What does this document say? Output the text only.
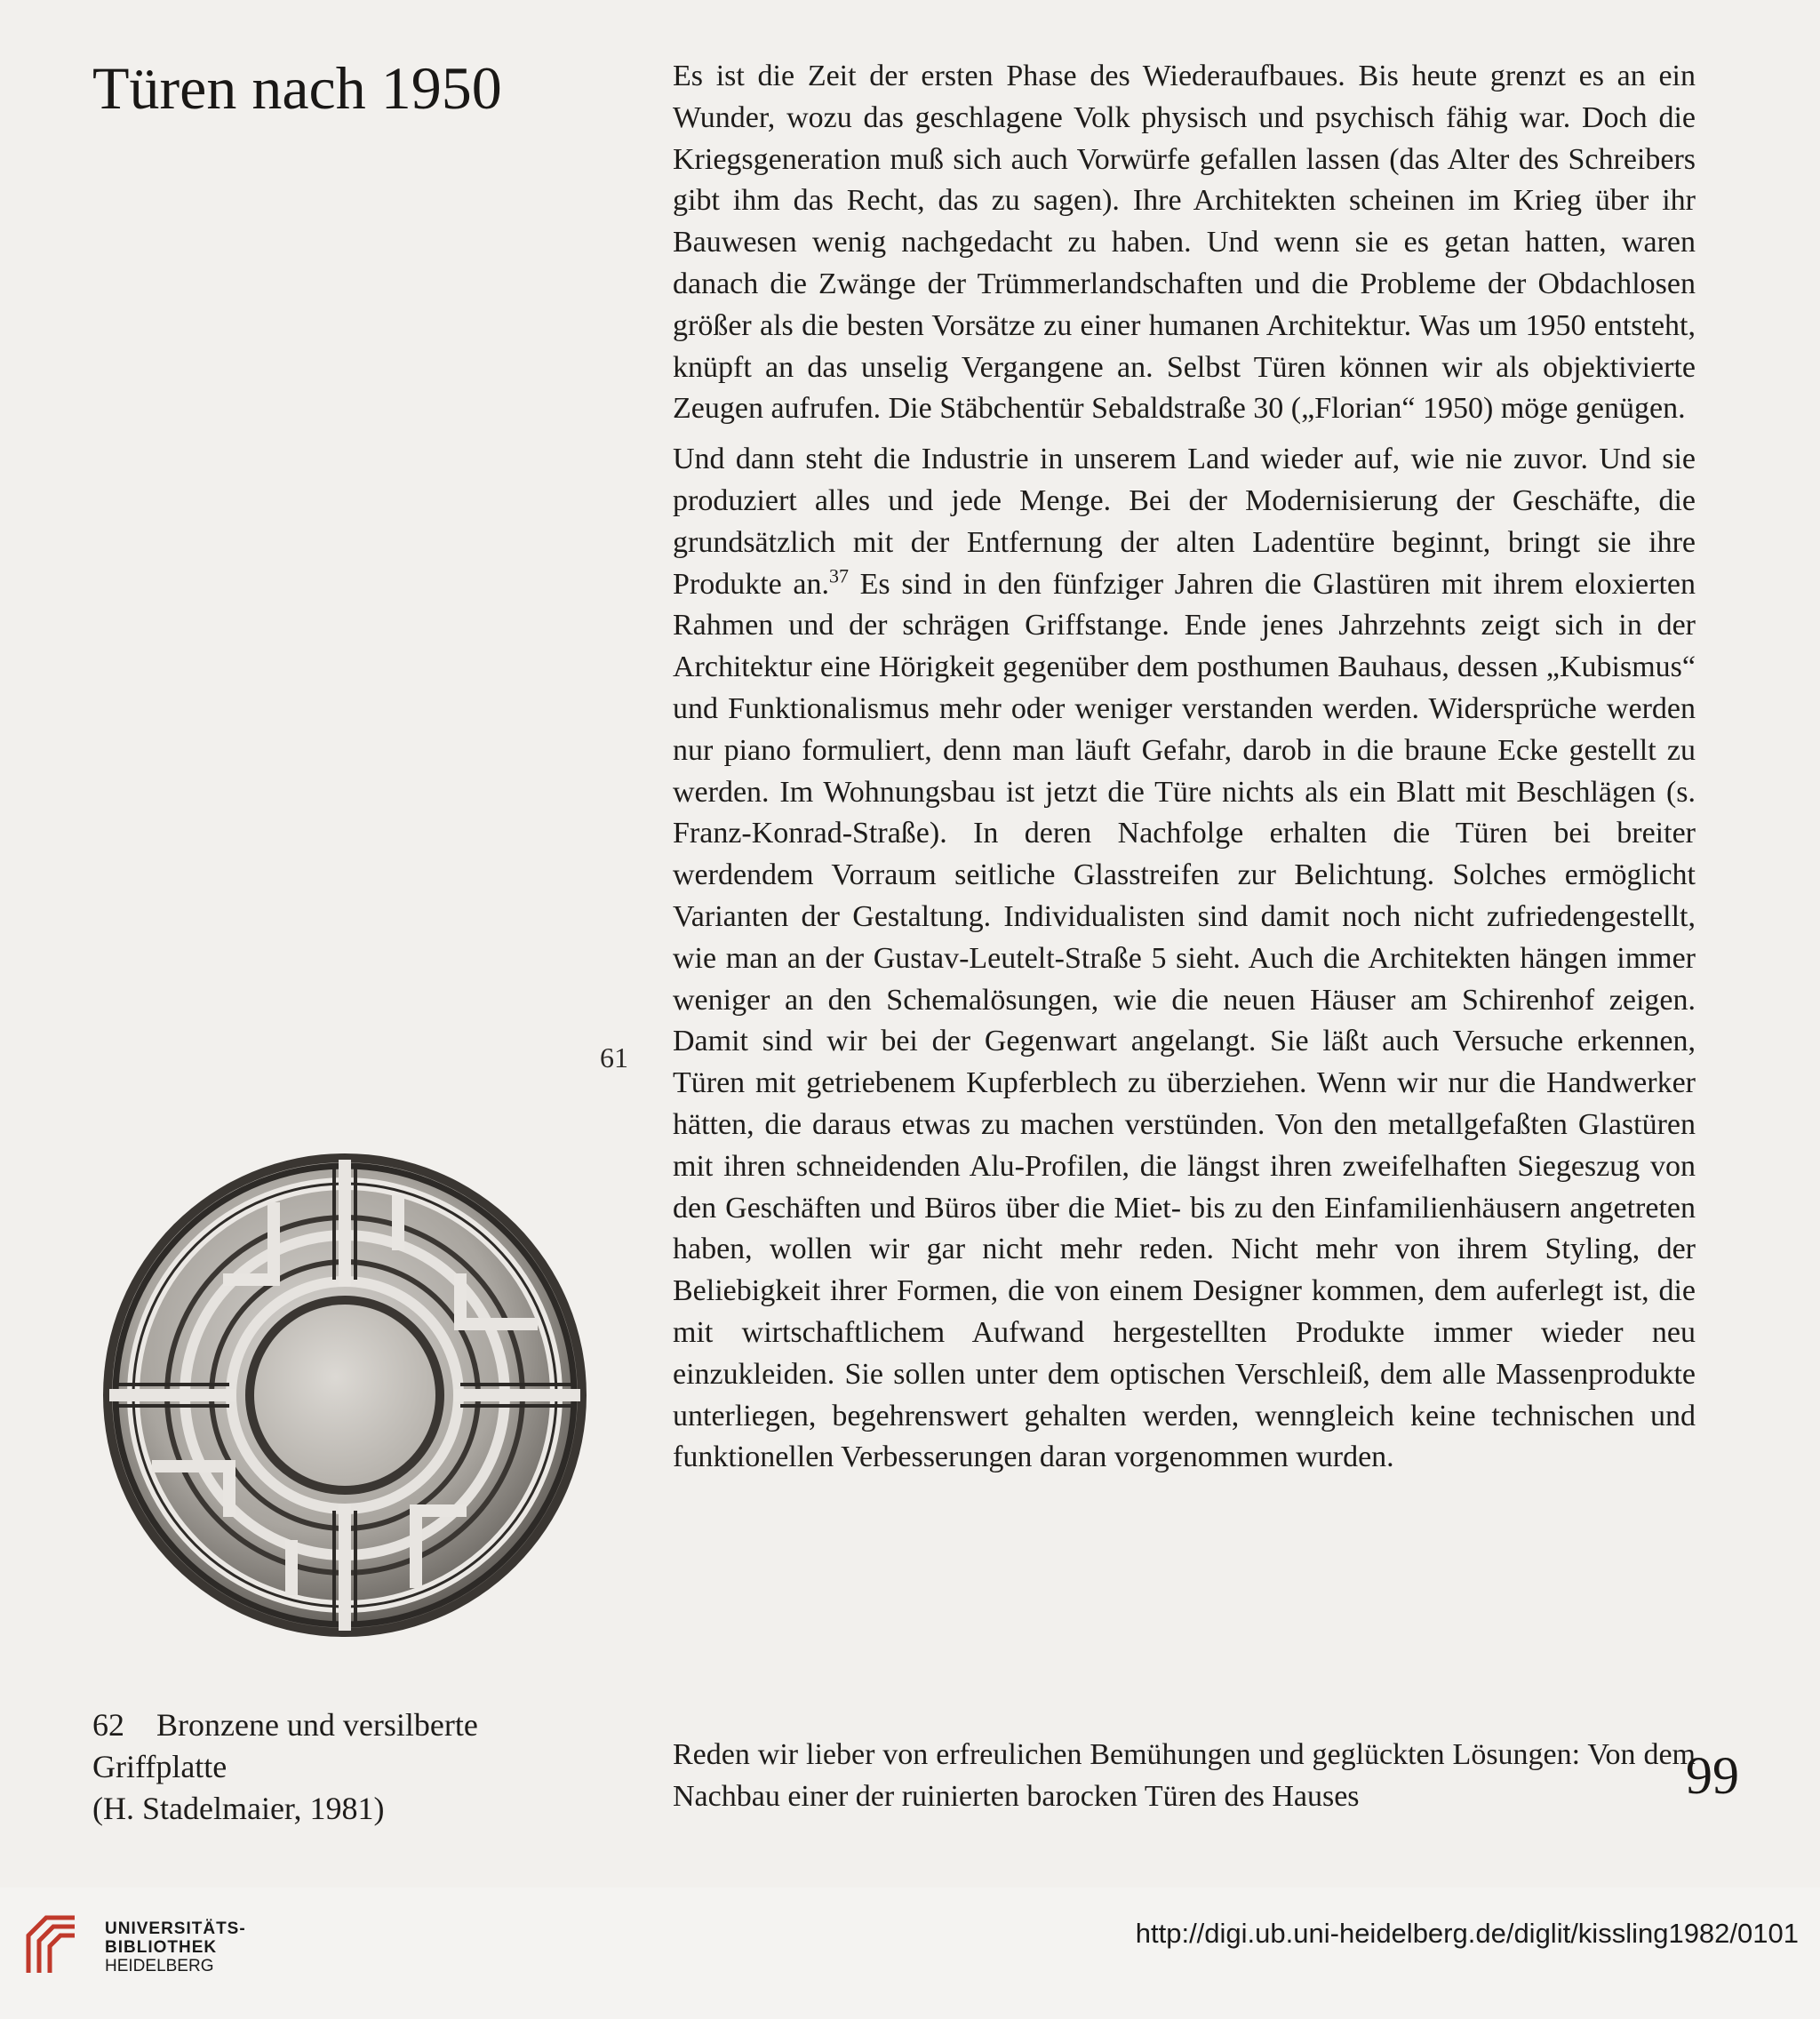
Türen nach 1950	Es ist die Zeit der ersten Phase des Wiederaufbaues. Bis heute grenzt es an ein Wunder, wozu das geschlagene Volk physisch und psychisch fähig war. Doch die Kriegsgeneration muß sich auch Vorwürfe gefallen lassen (das Alter des Schreibers gibt ihm das Recht, das zu sagen). Ihre Architekten scheinen im Krieg über ihr Bauwesen wenig nachgedacht zu haben. Und wenn sie es getan hatten, waren danach die Zwänge der Trümmerlandschaften und die Probleme der Obdachlosen größer als die besten Vorsätze zu einer humanen Architektur. Was um 1950 entsteht, knüpft an das unselig Vergangene an. Selbst Türen können wir als objektivierte Zeugen aufrufen. Die Stäbchentür Sebaldstraße 30 („Florian“ 1950) möge genügen.

Und dann steht die Industrie in unserem Land wieder auf, wie nie zuvor. Und sie produziert alles und jede Menge. Bei der Modernisierung der Geschäfte, die grundsätzlich mit der Entfernung der alten Ladentüre beginnt, bringt sie ihre Produkte an.$^{37}$ Es sind in den fünfziger Jahren die Glastüren mit ihrem eloxierten Rahmen und der schrägen Griffstange. Ende jenes Jahrzehnts zeigt sich in der Architektur eine Hörigkeit gegenüber dem posthumen Bauhaus, dessen „Kubismus“ und Funktionalismus mehr oder weniger verstanden werden. Widersprüche werden nur piano formuliert, denn man läuft Gefahr, darob in die braune Ecke gestellt zu werden. Im Wohnungsbau ist jetzt die Türe nichts als ein Blatt mit Beschlägen (s. Franz-Konrad-Straße). In deren Nachfolge erhalten die Türen bei breiter werdendem Vorraum seitliche Glasstreifen zur Belichtung. Solches ermöglicht Varianten der Gestaltung. Individualisten sind damit noch nicht zufriedengestellt, wie man an der Gustav-Leutelt-Straße 5 sieht. Auch die Architekten hängen immer weniger an den Schemalösungen, wie die neuen Häuser am Schirenhof zeigen. Damit sind wir bei der Gegenwart angelangt. Sie läßt auch Versuche erkennen, Türen mit getriebenem Kupferblech zu überziehen. Wenn wir nur die Handwerker hätten, die daraus etwas zu machen verstünden. Von den metallgefaßten Glastüren mit ihren schneidenden Alu-Profilen, die längst ihren zweifelhaften Siegeszug von den Geschäften und Büros über die Miet- bis zu den Einfamilienhäusern angetreten haben, wollen wir gar nicht mehr reden. Nicht mehr von ihrem Styling, der Beliebigkeit ihrer Formen, die von einem Designer kommen, dem auferlegt ist, die mit wirtschaftlichem Aufwand hergestellten Produkte immer wieder neu einzukleiden. Sie sollen unter dem optischen Verschleiß, dem alle Massenprodukte unterliegen, begehrenswert gehalten werden, wenngleich keine technischen und funktionellen Verbesserungen daran vorgenommen wurden.

Reden wir lieber von erfreulichen Bemühungen und geglückten Lösungen: Von dem Nachbau einer der ruinierten barocken Türen des Hauses

61
62 Bronzene und versilberte
Griffplatte
(H. Stadelmaier, 1981)
99
UNIVERSITÄTS-
BIBLIOTHEK
HEIDELBERG
http://digi.ub.uni-heidelberg.de/diglit/kissling1982/0101
